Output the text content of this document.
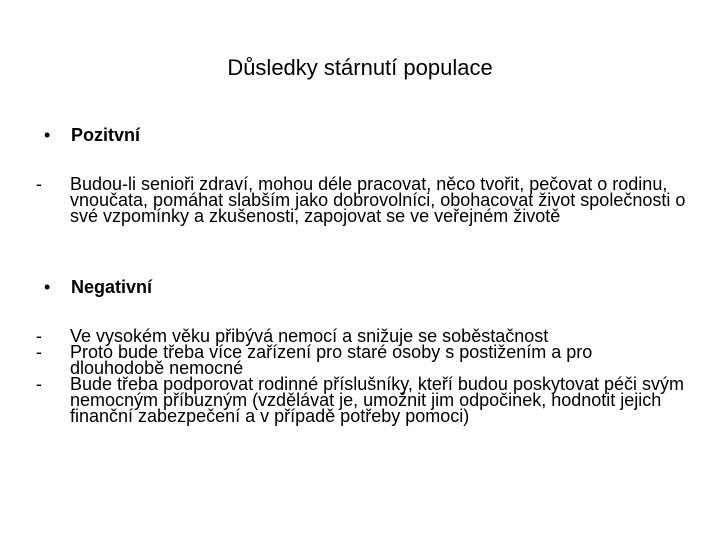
Důsledky stárnutí populace
• Pozitvní
- Budou-li senioři zdraví, mohou déle pracovat, něco tvořit, pečovat o rodinu, vnoučata, pomáhat slabším jako dobrovolníci, obohacovat život společnosti o své vzpomínky a zkušenosti, zapojovat se ve veřejném životě
• Negativní
- Ve vysokém věku přibývá nemocí a snižuje se soběstačnost
- Proto bude třeba více zařízení pro staré osoby s postižením a pro dlouhodobě nemocné
- Bude třeba podporovat rodinné příslušníky, kteří budou poskytovat péči svým nemocným příbuzným (vzdělávat je, umožnit jim odpočinek, hodnotit jejich finanční zabezpečení a v případě potřeby pomoci)
